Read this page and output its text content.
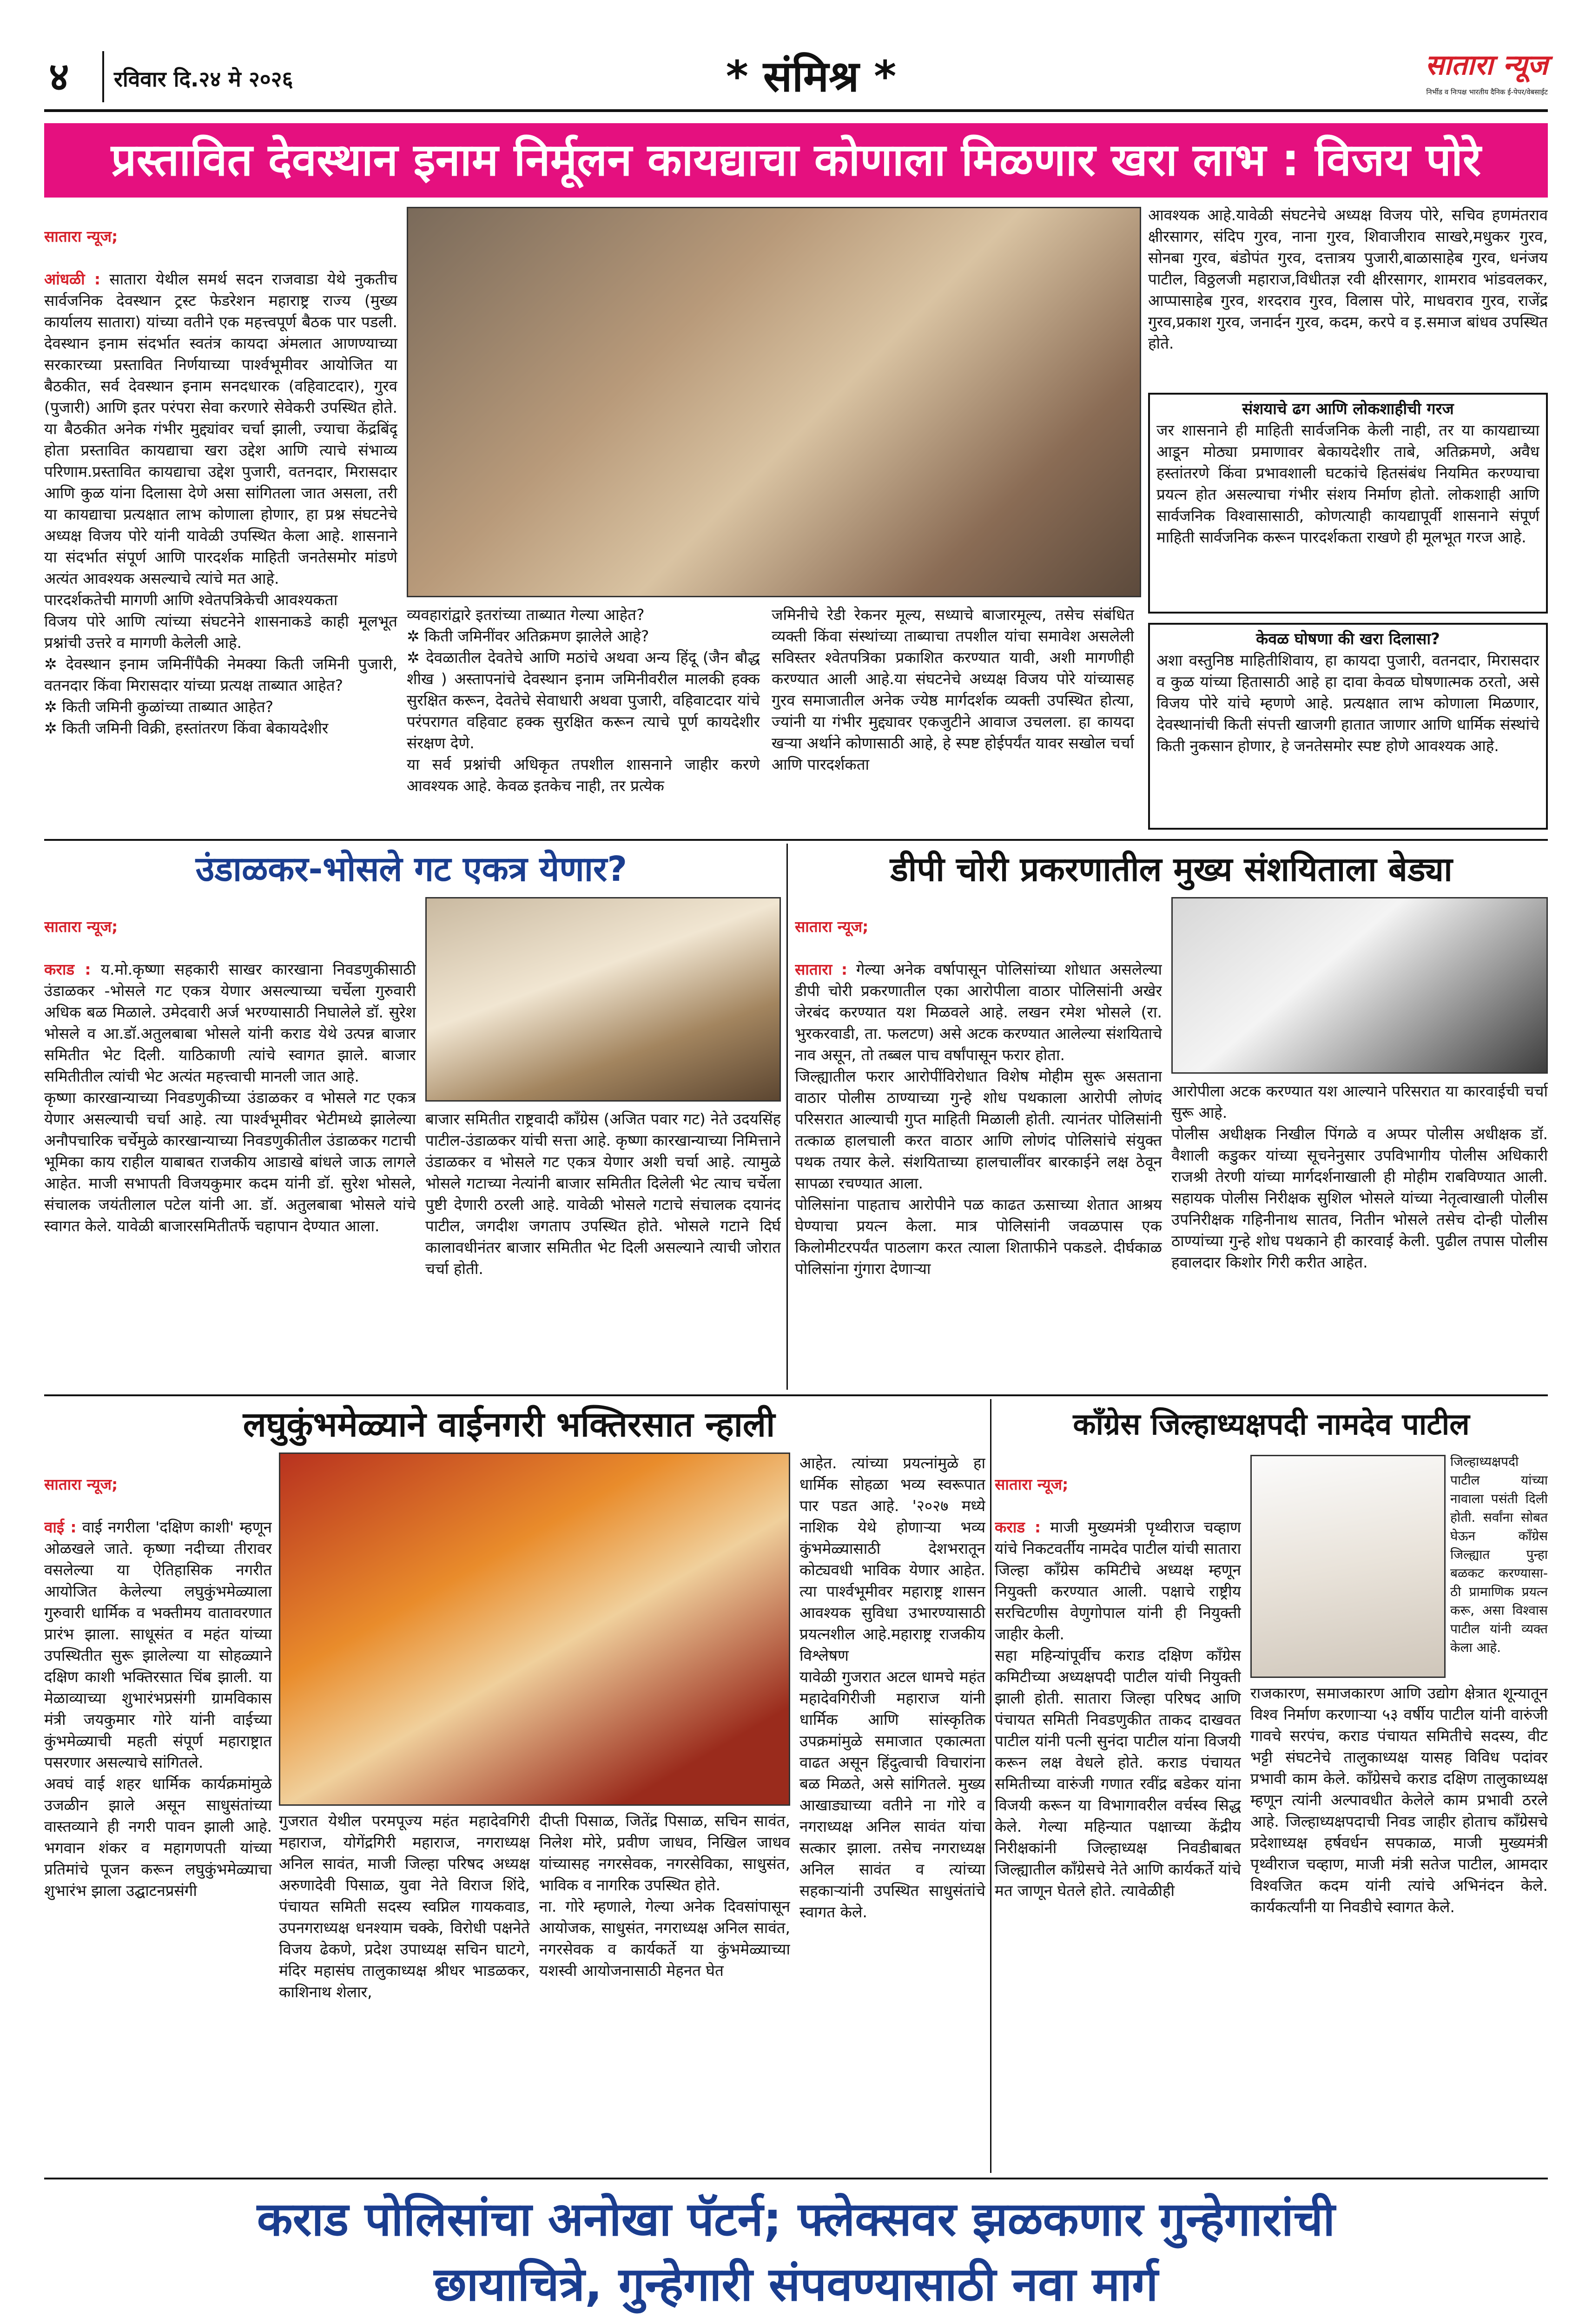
४ रविवार दि.२४ मे २०२६	* संमिश्र *	सातारा न्यूज
निर्भीड व निःपक्ष भारतीय दैनिक ई-पेपर/वेबसाईट
प्रस्तावित देवस्थान इनाम निर्मूलन कायद्याचा कोणाला मिळणार खरा लाभ : विजय पोरे

सातारा न्यूज;

आंधळी : सातारा येथील समर्थ सदन राजवाडा येथे नुकतीच सार्वजनिक देवस्थान ट्रस्ट फेडरेशन महाराष्ट्र राज्य (मुख्य कार्यालय सातारा) यांच्या वतीने एक महत्त्वपूर्ण बैठक पार पडली. देवस्थान इनाम संदर्भात स्वतंत्र कायदा अंमलात आणण्याच्या सरकारच्या प्रस्तावित निर्णयाच्या पार्श्वभूमीवर आयोजित या बैठकीत, सर्व देवस्थान इनाम सनदधारक (वहिवाटदार), गुरव (पुजारी) आणि इतर परंपरा सेवा करणारे सेवेकरी उपस्थित होते. या बैठकीत अनेक गंभीर मुद्द्यांवर चर्चा झाली, ज्याचा केंद्रबिंदू होता प्रस्तावित कायद्याचा खरा उद्देश आणि त्याचे संभाव्य परिणाम.प्रस्तावित कायद्याचा उद्देश पुजारी, वतनदार, मिरासदार आणि कुळ यांना दिलासा देणे असा सांगितला जात असला, तरी या कायद्याचा प्रत्यक्षात लाभ कोणाला होणार, हा प्रश्न संघटनेचे अध्यक्ष विजय पोरे यांनी यावेळी उपस्थित केला आहे. शासनाने या संदर्भात संपूर्ण आणि पारदर्शक माहिती जनतेसमोर मांडणे अत्यंत आवश्यक असल्याचे त्यांचे मत आहे.
पारदर्शकतेची मागणी आणि श्वेतपत्रिकेची आवश्यकता
विजय पोरे आणि त्यांच्या संघटनेने शासनाकडे काही मूलभूत प्रश्नांची उत्तरे व मागणी केलेली आहे.
✲ देवस्थान इनाम जमिनींपैकी नेमक्या किती जमिनी पुजारी, वतनदार किंवा मिरासदार यांच्या प्रत्यक्ष ताब्यात आहेत?
✲ किती जमिनी कुळांच्या ताब्यात आहेत?
✲ किती जमिनी विक्री, हस्तांतरण किंवा बेकायदेशीर

व्यवहारांद्वारे इतरांच्या ताब्यात गेल्या आहेत?
✲ किती जमिनींवर अतिक्रमण झालेले आहे?
✲ देवळातील देवतेचे आणि मठांचे अथवा अन्य हिंदू (जैन बौद्ध शीख ) अस्तापनांचे देवस्थान इनाम जमिनीवरील मालकी हक्क सुरक्षित करून, देवतेचे सेवाधारी अथवा पुजारी, वहिवाटदार यांचे परंपरागत वहिवाट हक्क सुरक्षित करून त्याचे पूर्ण कायदेशीर संरक्षण देणे.
या सर्व प्रश्नांची अधिकृत तपशील शासनाने जाहीर करणे आवश्यक आहे. केवळ इतकेच नाही, तर प्रत्येक
जमिनीचे रेडी रेकनर मूल्य, सध्याचे बाजारमूल्य, तसेच संबंधित व्यक्ती किंवा संस्थांच्या ताब्याचा तपशील यांचा समावेश असलेली सविस्तर श्वेतपत्रिका प्रकाशित करण्यात यावी, अशी मागणीही करण्यात आली आहे.या संघटनेचे अध्यक्ष विजय पोरे यांच्यासह गुरव समाजातील अनेक ज्येष्ठ मार्गदर्शक व्यक्ती उपस्थित होत्या, ज्यांनी या गंभीर मुद्द्यावर एकजुटीने आवाज उचलला. हा कायदा खऱ्या अर्थाने कोणासाठी आहे, हे स्पष्ट होईपर्यंत यावर सखोल चर्चा आणि पारदर्शकता
आवश्यक आहे.यावेळी संघटनेचे अध्यक्ष विजय पोरे, सचिव हणमंतराव क्षीरसागर, संदिप गुरव, नाना गुरव, शिवाजीराव साखरे,मधुकर गुरव, सोनबा गुरव, बंडोपंत गुरव, दत्तात्रय पुजारी,बाळासाहेब गुरव, धनंजय पाटील, विठ्ठलजी महाराज,विधीतज्ञ रवी क्षीरसागर, शामराव भांडवलकर, आप्पासाहेब गुरव, शरदराव गुरव, विलास पोरे, माधवराव गुरव, राजेंद्र गुरव,प्रकाश गुरव, जनार्दन गुरव, कदम, करपे व इ.समाज बांधव उपस्थित होते.
संशयाचे ढग आणि लोकशाहीची गरज
जर शासनाने ही माहिती सार्वजनिक केली नाही, तर या कायद्याच्या आडून मोठ्या प्रमाणावर बेकायदेशीर ताबे, अतिक्रमणे, अवैध हस्तांतरणे किंवा प्रभावशाली घटकांचे हितसंबंध नियमित करण्याचा प्रयत्न होत असल्याचा गंभीर संशय निर्माण होतो. लोकशाही आणि सार्वजनिक विश्वासासाठी, कोणत्याही कायद्यापूर्वी शासनाने संपूर्ण माहिती सार्वजनिक करून पारदर्शकता राखणे ही मूलभूत गरज आहे.
केवळ घोषणा की खरा दिलासा?
अशा वस्तुनिष्ठ माहितीशिवाय, हा कायदा पुजारी, वतनदार, मिरासदार व कुळ यांच्या हितासाठी आहे हा दावा केवळ घोषणात्मक ठरतो, असे विजय पोरे यांचे म्हणणे आहे. प्रत्यक्षात लाभ कोणाला मिळणार, देवस्थानांची किती संपत्ती खाजगी हातात जाणार आणि धार्मिक संस्थांचे किती नुकसान होणार, हे जनतेसमोर स्पष्ट होणे आवश्यक आहे.
उंडाळकर-भोसले गट एकत्र येणार?

सातारा न्यूज;

कराड : य.मो.कृष्णा सहकारी साखर कारखाना निवडणुकीसाठी उंडाळकर -भोसले गट एकत्र येणार असल्याच्या चर्चेला गुरुवारी अधिक बळ मिळाले. उमेदवारी अर्ज भरण्यासाठी निघालेले डॉ. सुरेश भोसले व आ.डॉ.अतुलबाबा भोसले यांनी कराड येथे उत्पन्न बाजार समितीत भेट दिली. याठिकाणी त्यांचे स्वागत झाले. बाजार समितीतील त्यांची भेट अत्यंत महत्त्वाची मानली जात आहे.
कृष्णा कारखान्याच्या निवडणुकीच्या उंडाळकर व भोसले गट एकत्र येणार असल्याची चर्चा आहे. त्या पार्श्वभूमीवर भेटीमध्ये झालेल्या अनौपचारिक चर्चेमुळे कारखान्याच्या निवडणुकीतील उंडाळकर गटाची भूमिका काय राहील याबाबत राजकीय आडाखे बांधले जाऊ लागले आहेत. माजी सभापती विजयकुमार कदम यांनी डॉ. सुरेश भोसले, संचालक जयंतीलाल पटेल यांनी आ. डॉ. अतुलबाबा भोसले यांचे स्वागत केले. यावेळी बाजारसमितीतर्फे चहापान देण्यात आला.

बाजार समितीत राष्ट्रवादी काँग्रेस (अजित पवार गट) नेते उदयसिंह पाटील-उंडाळकर यांची सत्ता आहे. कृष्णा कारखान्याच्या निमित्ताने उंडाळकर व भोसले गट एकत्र येणार अशी चर्चा आहे. त्यामुळे भोसले गटाच्या नेत्यांनी बाजार समितीत दिलेली भेट त्याच चर्चेला पुष्टी देणारी ठरली आहे. यावेळी भोसले गटाचे संचालक दयानंद पाटील, जगदीश जगताप उपस्थित होते. भोसले गटाने दिर्घ कालावधीनंतर बाजार समितीत भेट दिली असल्याने त्याची जोरात चर्चा होती.
डीपी चोरी प्रकरणातील मुख्य संशयिताला बेड्या

सातारा न्यूज;

सातारा : गेल्या अनेक वर्षापासून पोलिसांच्या शोधात असलेल्या डीपी चोरी प्रकरणातील एका आरोपीला वाठार पोलिसांनी अखेर जेरबंद करण्यात यश मिळवले आहे. लखन रमेश भोसले (रा. भुरकरवाडी, ता. फलटण) असे अटक करण्यात आलेल्या संशयिताचे नाव असून, तो तब्बल पाच वर्षांपासून फरार होता.
जिल्ह्यातील फरार आरोपींविरोधात विशेष मोहीम सुरू असताना वाठार पोलीस ठाण्याच्या गुन्हे शोध पथकाला आरोपी लोणंद परिसरात आल्याची गुप्त माहिती मिळाली होती. त्यानंतर पोलिसांनी तत्काळ हालचाली करत वाठार आणि लोणंद पोलिसांचे संयुक्त पथक तयार केले. संशयिताच्या हालचालींवर बारकाईने लक्ष ठेवून सापळा रचण्यात आला.
पोलिसांना पाहताच आरोपीने पळ काढत ऊसाच्या शेतात आश्रय घेण्याचा प्रयत्न केला. मात्र पोलिसांनी जवळपास एक किलोमीटरपर्यंत पाठलाग करत त्याला शिताफीने पकडले. दीर्घकाळ पोलिसांना गुंगारा देणाऱ्या

आरोपीला अटक करण्यात यश आल्याने परिसरात या कारवाईची चर्चा सुरू आहे.
पोलीस अधीक्षक निखील पिंगळे व अप्पर पोलीस अधीक्षक डॉ. वैशाली कडुकर यांच्या सूचनेनुसार उपविभागीय पोलीस अधिकारी राजश्री तेरणी यांच्या मार्गदर्शनाखाली ही मोहीम राबविण्यात आली. सहायक पोलीस निरीक्षक सुशिल भोसले यांच्या नेतृत्वाखाली पोलीस उपनिरीक्षक गहिनीनाथ सातव, नितीन भोसले तसेच दोन्ही पोलीस ठाण्यांच्या गुन्हे शोध पथकाने ही कारवाई केली. पुढील तपास पोलीस हवालदार किशोर गिरी करीत आहेत.
लघुकुंभमेळ्याने वाईनगरी भक्तिरसात न्हाली

सातारा न्यूज;

वाई : वाई नगरीला 'दक्षिण काशी' म्हणून ओळखले जाते. कृष्णा नदीच्या तीरावर वसलेल्या या ऐतिहासिक नगरीत आयोजित केलेल्या लघुकुंभमेळ्याला गुरुवारी धार्मिक व भक्तीमय वातावरणात प्रारंभ झाला. साधूसंत व महंत यांच्या उपस्थितीत सुरू झालेल्या या सोहळ्याने दक्षिण काशी भक्तिरसात चिंब झाली. या मेळाव्याच्या शुभारंभप्रसंगी ग्रामविकास मंत्री जयकुमार गोरे यांनी वाईच्या कुंभमेळ्याची महती संपूर्ण महाराष्ट्रात पसरणार असल्याचे सांगितले.
अवघं वाई शहर धार्मिक कार्यक्रमांमुळे उजळीन झाले असून साधुसंतांच्या वास्तव्याने ही नगरी पावन झाली आहे. भगवान शंकर व महागणपती यांच्या प्रतिमांचे पूजन करून लघुकुंभमेळ्याचा शुभारंभ झाला उद्घाटनप्रसंगी

गुजरात येथील परमपूज्य महंत महादेवगिरी महाराज, योगेंद्रगिरी महाराज, नगराध्यक्ष अनिल सावंत, माजी जिल्हा परिषद अध्यक्ष अरुणादेवी पिसाळ, युवा नेते विराज शिंदे, पंचायत समिती सदस्य स्वप्निल गायकवाड, उपनगराध्यक्ष धनश्याम चक्के, विरोधी पक्षनेते विजय ढेकणे, प्रदेश उपाध्यक्ष सचिन घाटगे, मंदिर महासंघ तालुकाध्यक्ष श्रीधर भाडळकर, काशिनाथ शेलार,
दीप्ती पिसाळ, जितेंद्र पिसाळ, सचिन सावंत, निलेश मोरे, प्रवीण जाधव, निखिल जाधव यांच्यासह नगरसेवक, नगरसेविका, साधुसंत, भाविक व नागरिक उपस्थित होते.
ना. गोरे म्हणाले, गेल्या अनेक दिवसांपासून आयोजक, साधुसंत, नगराध्यक्ष अनिल सावंत, नगरसेवक व कार्यकर्ते या कुंभमेळ्याच्या यशस्वी आयोजनासाठी मेहनत घेत
आहेत. त्यांच्या प्रयत्नांमुळे हा धार्मिक सोहळा भव्य स्वरूपात पार पडत आहे. '२०२७ मध्ये नाशिक येथे होणाऱ्या भव्य कुंभमेळ्यासाठी देशभरातून कोट्यवधी भाविक येणार आहेत. त्या पार्श्वभूमीवर महाराष्ट्र शासन आवश्यक सुविधा उभारण्यासाठी प्रयत्नशील आहे.महाराष्ट्र राजकीय विश्लेषण
यावेळी गुजरात अटल धामचे महंत महादेवगिरीजी महाराज यांनी धार्मिक आणि सांस्कृतिक उपक्रमांमुळे समाजात एकात्मता वाढत असून हिंदुत्वाची विचारांना बळ मिळते, असे सांगितले. मुख्य आखाड्याच्या वतीने ना गोरे व नगराध्यक्ष अनिल सावंत यांचा सत्कार झाला. तसेच नगराध्यक्ष अनिल सावंत व त्यांच्या सहकाऱ्यांनी उपस्थित साधुसंतांचे स्वागत केले.
काँग्रेस जिल्हाध्यक्षपदी नामदेव पाटील

सातारा न्यूज;

कराड : माजी मुख्यमंत्री पृथ्वीराज चव्हाण यांचे निकटवर्तीय नामदेव पाटील यांची सातारा जिल्हा काँग्रेस कमिटीचे अध्यक्ष म्हणून नियुक्ती करण्यात आली. पक्षाचे राष्ट्रीय सरचिटणीस वेणुगोपाल यांनी ही नियुक्ती जाहीर केली.
सहा महिन्यांपूर्वीच कराड दक्षिण काँग्रेस कमिटीच्या अध्यक्षपदी पाटील यांची नियुक्ती झाली होती. सातारा जिल्हा परिषद आणि पंचायत समिती निवडणुकीत ताकद दाखवत पाटील यांनी पत्नी सुनंदा पाटील यांना विजयी करून लक्ष वेधले होते. कराड पंचायत समितीच्या वारुंजी गणात रवींद्र बडेकर यांना विजयी करून या विभागावरील वर्चस्व सिद्ध केले. गेल्या महिन्यात पक्षाच्या केंद्रीय निरीक्षकांनी जिल्हाध्यक्ष निवडीबाबत जिल्ह्यातील काँग्रेसचे नेते आणि कार्यकर्ते यांचे मत जाणून घेतले होते. त्यावेळीही

जिल्हाध्यक्षपदी पाटील यांच्या नावाला पसंती दिली होती. सर्वांना सोबत घेऊन काँग्रेस जिल्ह्यात पुन्हा बळकट करण्यासा-ठी प्रामाणिक प्रयत्न करू, असा विश्वास पाटील यांनी व्यक्त केला आहे.
राजकारण, समाजकारण आणि उद्योग क्षेत्रात शून्यातून विश्व निर्माण करणाऱ्या ५३ वर्षीय पाटील यांनी वारुंजी गावचे सरपंच, कराड पंचायत समितीचे सदस्य, वीट भट्टी संघटनेचे तालुकाध्यक्ष यासह विविध पदांवर प्रभावी काम केले. काँग्रेसचे कराड दक्षिण तालुकाध्यक्ष म्हणून त्यांनी अल्पावधीत केलेले काम प्रभावी ठरले आहे. जिल्हाध्यक्षपदाची निवड जाहीर होताच काँग्रेसचे प्रदेशाध्यक्ष हर्षवर्धन सपकाळ, माजी मुख्यमंत्री पृथ्वीराज चव्हाण, माजी मंत्री सतेज पाटील, आमदार विश्वजित कदम यांनी त्यांचे अभिनंदन केले. कार्यकर्त्यांनी या निवडीचे स्वागत केले.
कराड पोलिसांचा अनोखा पॅटर्न; फ्लेक्सवर झळकणार गुन्हेगारांची
छायाचित्रे, गुन्हेगारी संपवण्यासाठी नवा मार्ग
